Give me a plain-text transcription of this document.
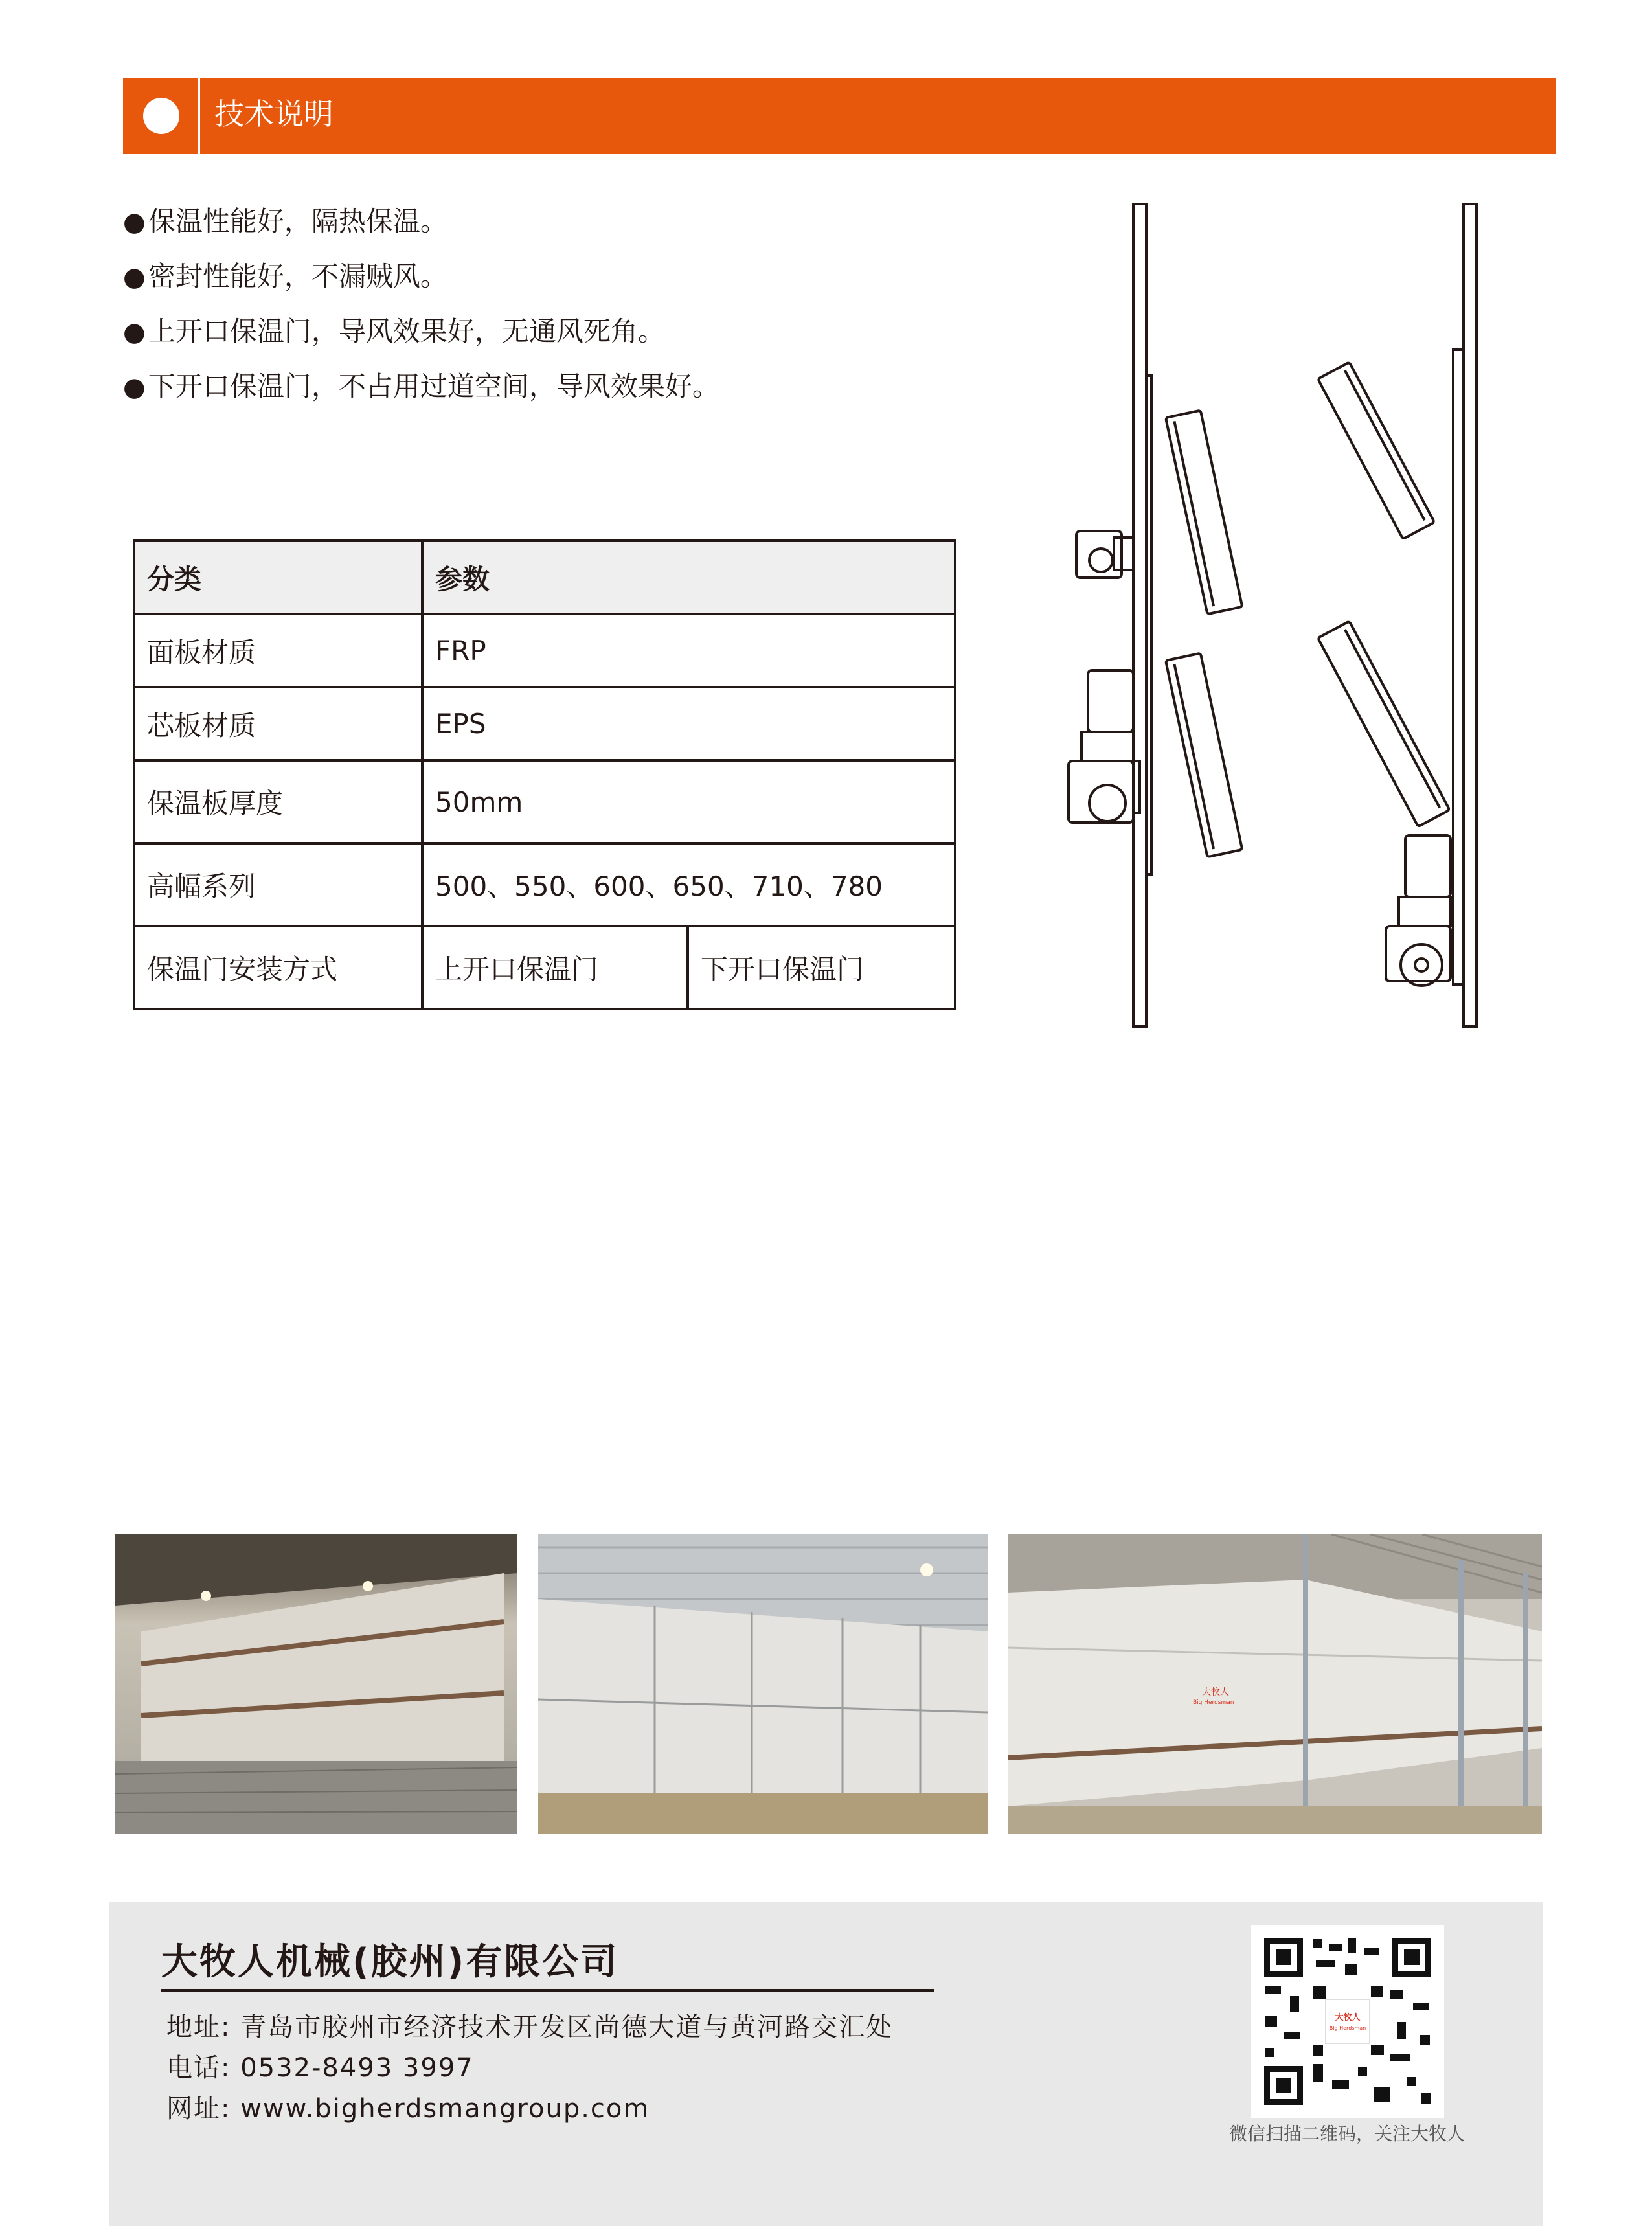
技术说明
●保温性能好，隔热保温。
●密封性能好，不漏贼风。
●上开口保温门，导风效果好，无通风死角。
●下开口保温门，不占用过道空间，导风效果好。
分类	参数	
面板材质	FRP	
芯板材质	EPS	
保温板厚度	50mm	
高幅系列	500、550、600、650、710、780	
保温门安装方式	上开口保温门	下开口保温门
大牧人
Big Herdsman
大牧人机械(胶州)有限公司
地址: 青岛市胶州市经济技术开发区尚德大道与黄河路交汇处
电话: 0532-8493 3997
网址: www.bigherdsmangroup.com
大牧人
Big Herdsman
微信扫描二维码，关注大牧人
